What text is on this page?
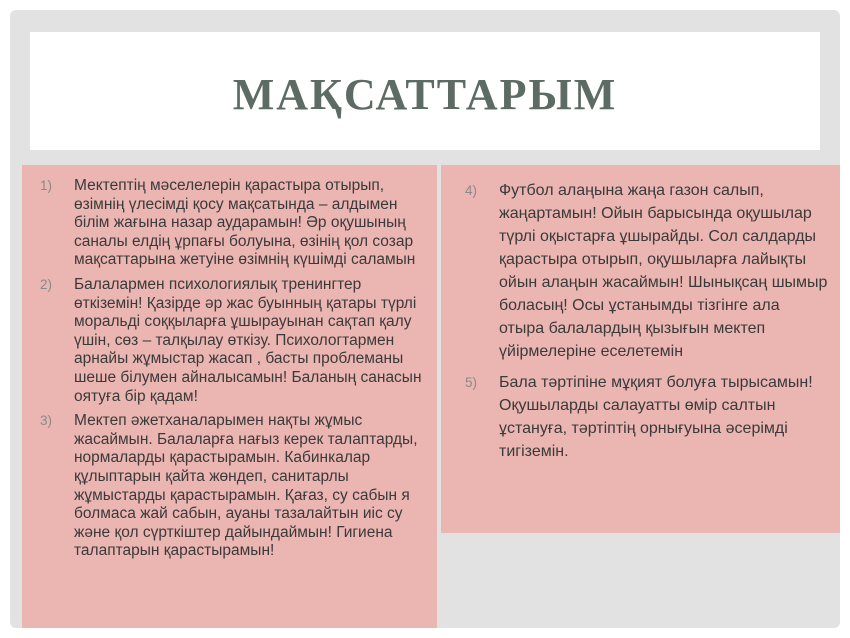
МАҚСАТТАРЫМ
1) Мектептің мәселелерін қарастыра отырып, өзімнің үлесімді қосу мақсатында – алдымен білім жағына назар аударамын! Әр оқушының саналы елдің ұрпағы болуына, өзінің қол созар мақсаттарына жетуіне өзімнің күшімді саламын
2) Балалармен психологиялық тренингтер өткіземін! Қазірде әр жас буынның қатары түрлі моральді соққыларға ұшырауынан сақтап қалу үшін, сөз – талқылау өткізу. Психологтармен арнайы жұмыстар жасап , басты проблеманы шеше білумен айналысамын! Баланың санасын оятуға бір қадам!
3) Мектеп әжетханаларымен нақты жұмыс жасаймын. Балаларға нағыз керек талаптарды, нормаларды қарастырамын. Кабинкалар құлыптарын қайта жөндеп, санитарлы жұмыстарды қарастырамын. Қағаз, су сабын я болмаса жай сабын, ауаны тазалайтын иіс су және қол сүрткіштер дайындаймын! Гигиена талаптарын қарастырамын!
4) Футбол алаңына жаңа газон салып, жаңартамын! Ойын барысында оқушылар түрлі оқыстарға ұшырайды. Сол салдарды қарастыра отырып, оқушыларға лайықты ойын алаңын жасаймын! Шынықсаң шымыр боласың! Осы ұстанымды тізгінге ала отыра балалардың қызығын мектеп үйірмелеріне еселетемін
5) Бала тәртіпіне мұқият болуға тырысамын! Оқушыларды салауатты өмір салтын ұстануға, тәртіптің орнығуына әсерімді тигіземін.
